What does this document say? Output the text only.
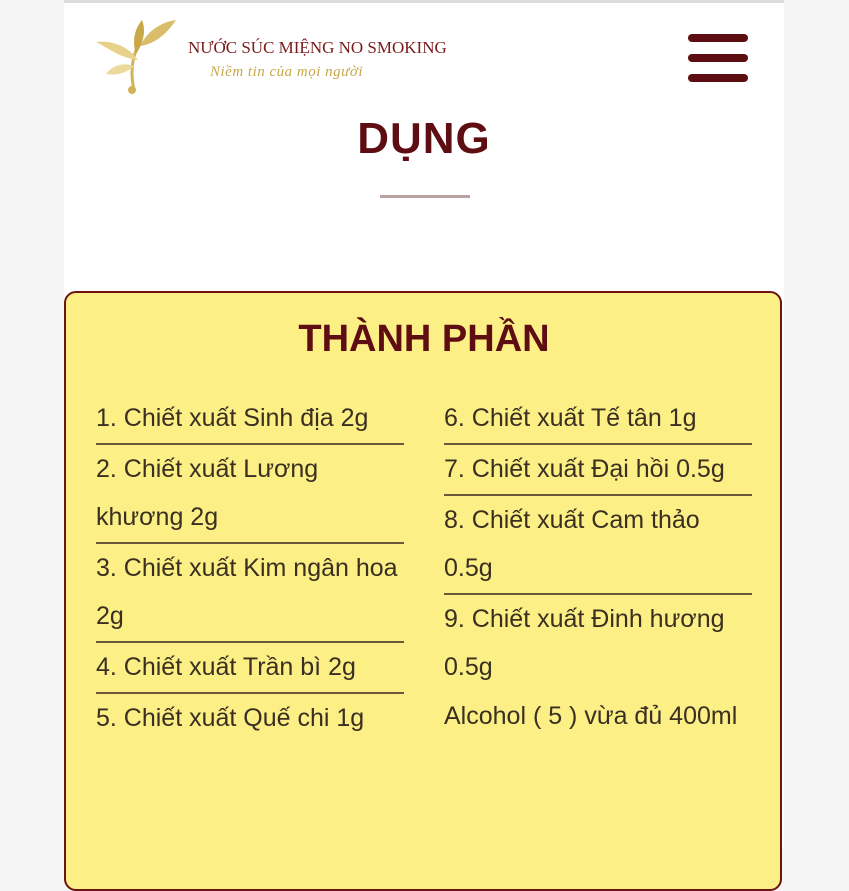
NƯỚC SÚC MIỆNG NO SMOKING
Niềm tin của mọi người
DỤNG
THÀNH PHẦN
1. Chiết xuất Sinh địa 2g
2. Chiết xuất Lương khương 2g
3. Chiết xuất Kim ngân hoa 2g
4. Chiết xuất Trần bì 2g
5. Chiết xuất Quế chi 1g
6. Chiết xuất Tế tân 1g
7. Chiết xuất Đại hồi 0.5g
8. Chiết xuất Cam thảo 0.5g
9. Chiết xuất Đinh hương 0.5g
Alcohol ( 5 ) vừa đủ 400ml
